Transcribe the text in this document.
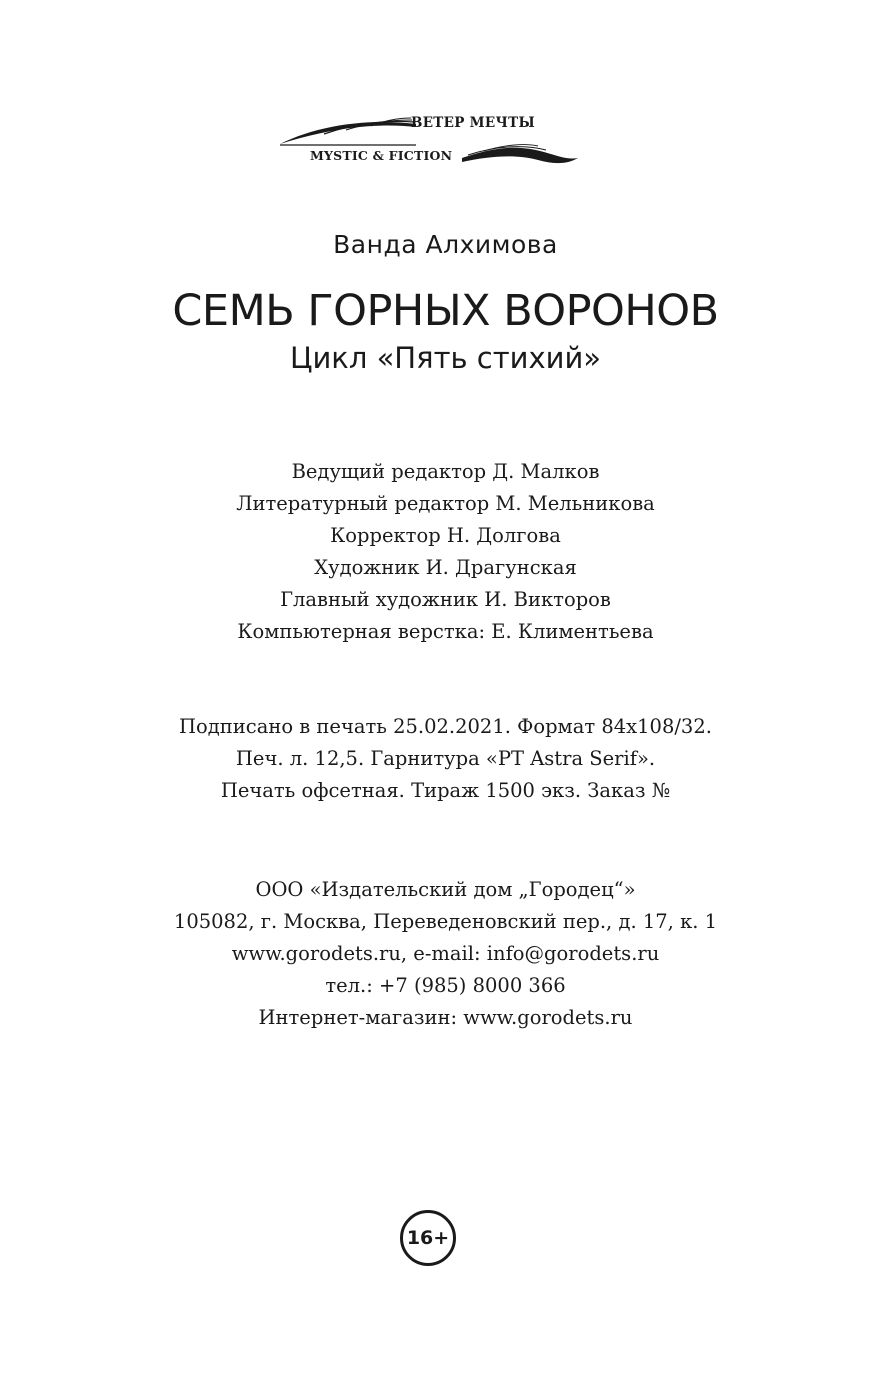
ВЕТЕР МЕЧТЫ
MYSTIC & FICTION
Ванда Алхимова
СЕМЬ ГОРНЫХ ВОРОНОВ
Цикл «Пять стихий»
Ведущий редактор Д. Малков
Литературный редактор М. Мельникова
Корректор Н. Долгова
Художник И. Драгунская
Главный художник И. Викторов
Компьютерная верстка: Е. Климентьева
Подписано в печать 25.02.2021. Формат 84x108/32.
Печ. л. 12,5. Гарнитура «PT Astra Serif».
Печать офсетная. Тираж 1500 экз. Заказ №
ООО «Издательский дом „Городец“»
105082, г. Москва, Переведеновский пер., д. 17, к. 1
www.gorodets.ru, e-mail: info@gorodets.ru
тел.: +7 (985) 8000 366
Интернет-магазин: www.gorodets.ru
16+
